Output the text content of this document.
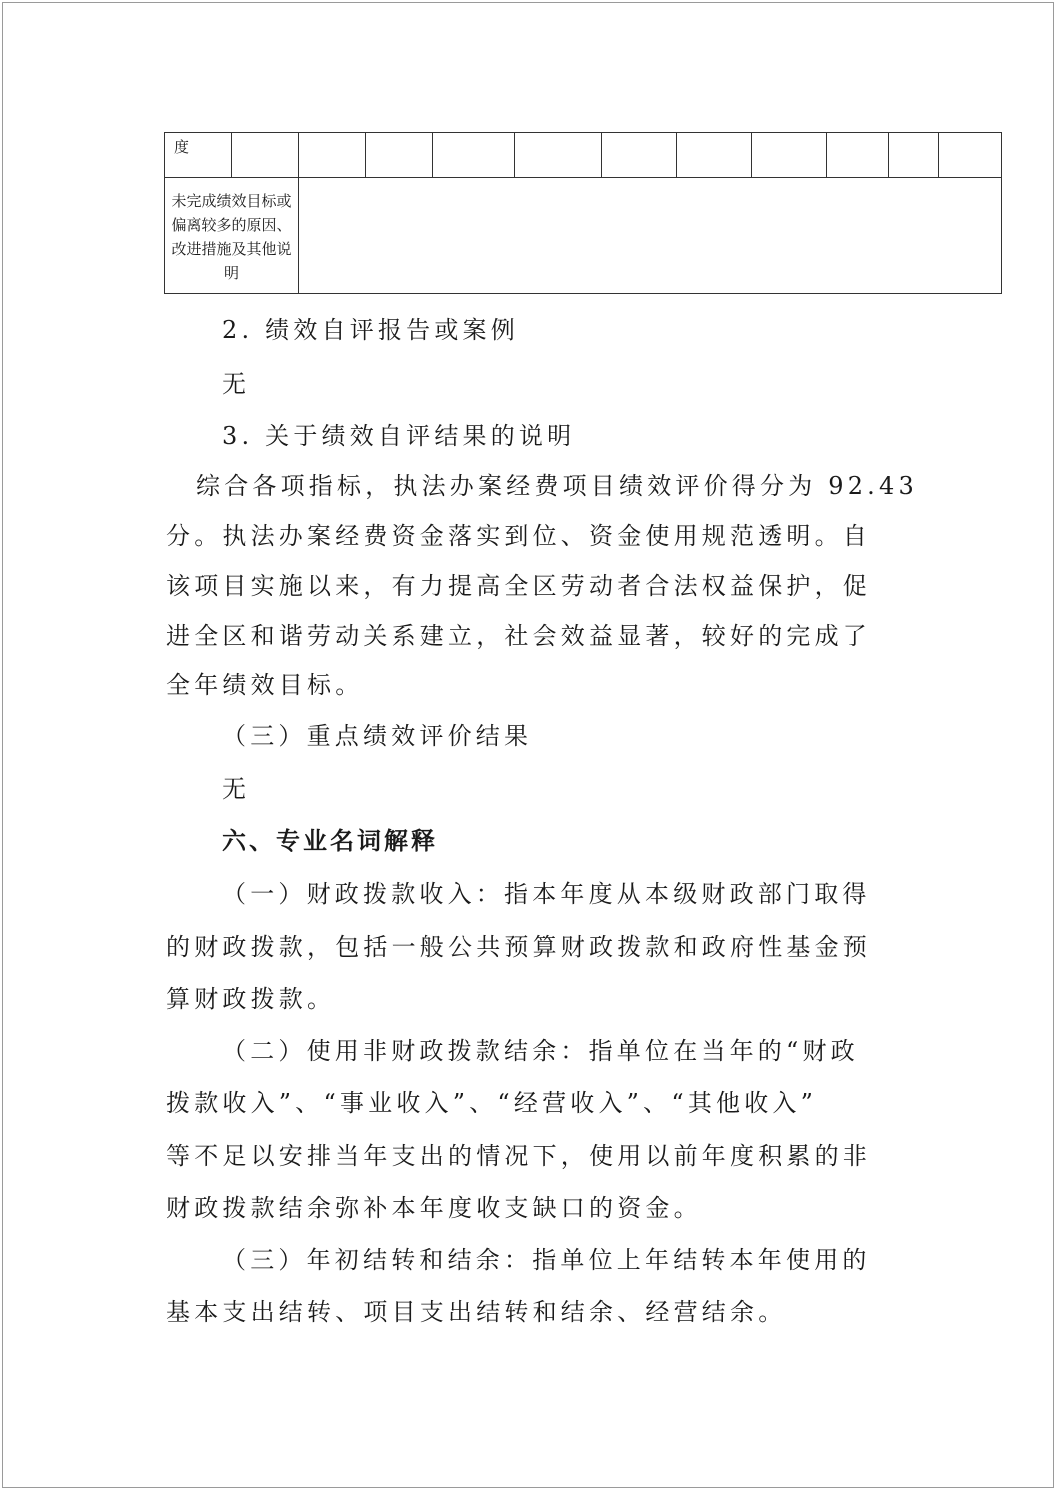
度											
未完成绩效目标或偏离较多的原因、改进措施及其他说明											
2. 绩效自评报告或案例
无
3. 关于绩效自评结果的说明
综合各项指标，执法办案经费项目绩效评价得分为 92.43
分。执法办案经费资金落实到位、资金使用规范透明。自
该项目实施以来，有力提高全区劳动者合法权益保护，促
进全区和谐劳动关系建立，社会效益显著，较好的完成了
全年绩效目标。
（三）重点绩效评价结果
无
六、专业名词解释
（一）财政拨款收入：指本年度从本级财政部门取得
的财政拨款，包括一般公共预算财政拨款和政府性基金预
算财政拨款。
（二）使用非财政拨款结余：指单位在当年的“财政
拨款收入”、“事业收入”、“经营收入”、“其他收入”
等不足以安排当年支出的情况下，使用以前年度积累的非
财政拨款结余弥补本年度收支缺口的资金。
（三）年初结转和结余：指单位上年结转本年使用的
基本支出结转、项目支出结转和结余、经营结余。
